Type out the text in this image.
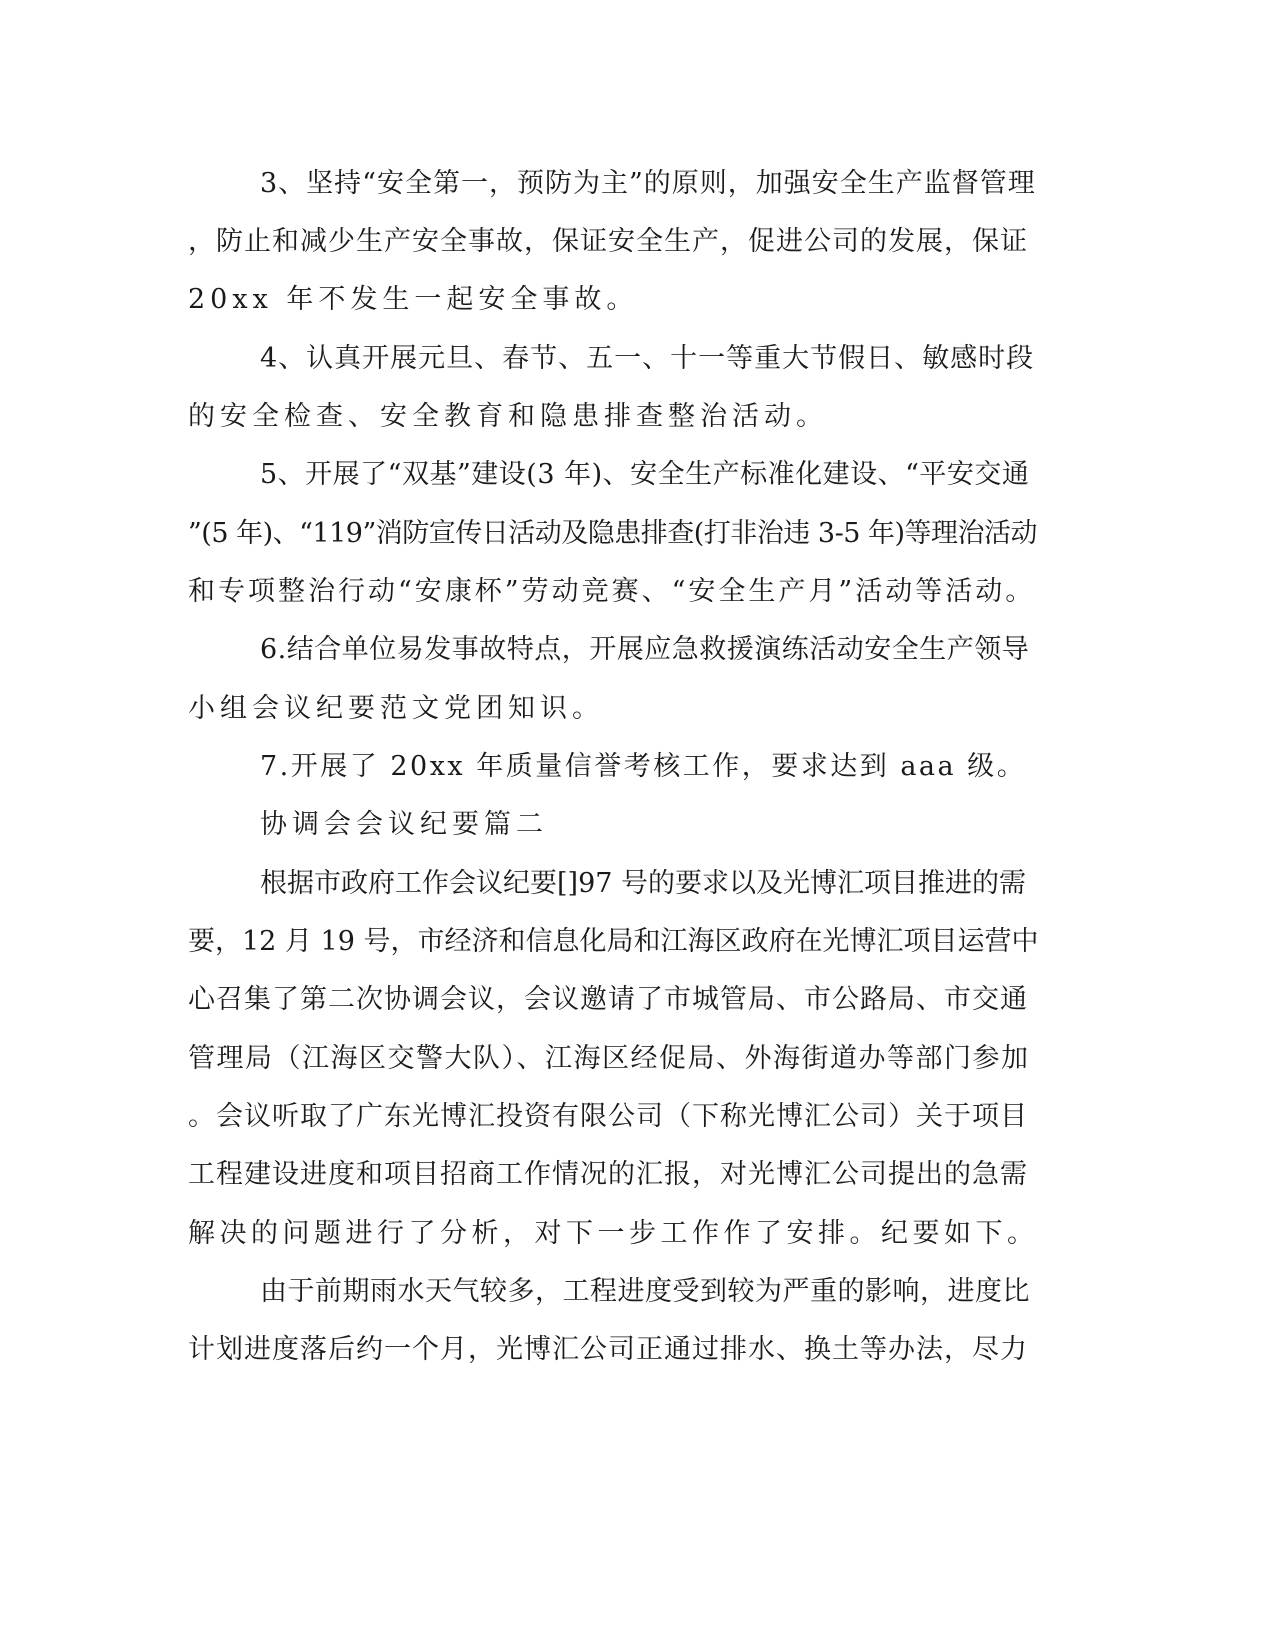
3、坚持“安全第一，预防为主”的原则，加强安全生产监督管理

，防止和减少生产安全事故，保证安全生产，促进公司的发展，保证

20xx 年不发生一起安全事故。

4、认真开展元旦、春节、五一、十一等重大节假日、敏感时段

的安全检查、安全教育和隐患排查整治活动。

5、开展了“双基”建设(3 年)、安全生产标准化建设、“平安交通

”(5 年)、“119”消防宣传日活动及隐患排查(打非治违 3-5 年)等理治活动

和专项整治行动“安康杯”劳动竞赛、“安全生产月”活动等活动。

6.结合单位易发事故特点，开展应急救援演练活动安全生产领导

小组会议纪要范文党团知识。

7.开展了 20xx 年质量信誉考核工作，要求达到 aaa 级。

协调会会议纪要篇二

根据市政府工作会议纪要[]97 号的要求以及光博汇项目推进的需

要，12 月 19 号，市经济和信息化局和江海区政府在光博汇项目运营中

心召集了第二次协调会议，会议邀请了市城管局、市公路局、市交通

管理局（江海区交警大队）、江海区经促局、外海街道办等部门参加

。会议听取了广东光博汇投资有限公司（下称光博汇公司）关于项目

工程建设进度和项目招商工作情况的汇报，对光博汇公司提出的急需

解决的问题进行了分析，对下一步工作作了安排。纪要如下。

由于前期雨水天气较多，工程进度受到较为严重的影响，进度比

计划进度落后约一个月，光博汇公司正通过排水、换土等办法，尽力
